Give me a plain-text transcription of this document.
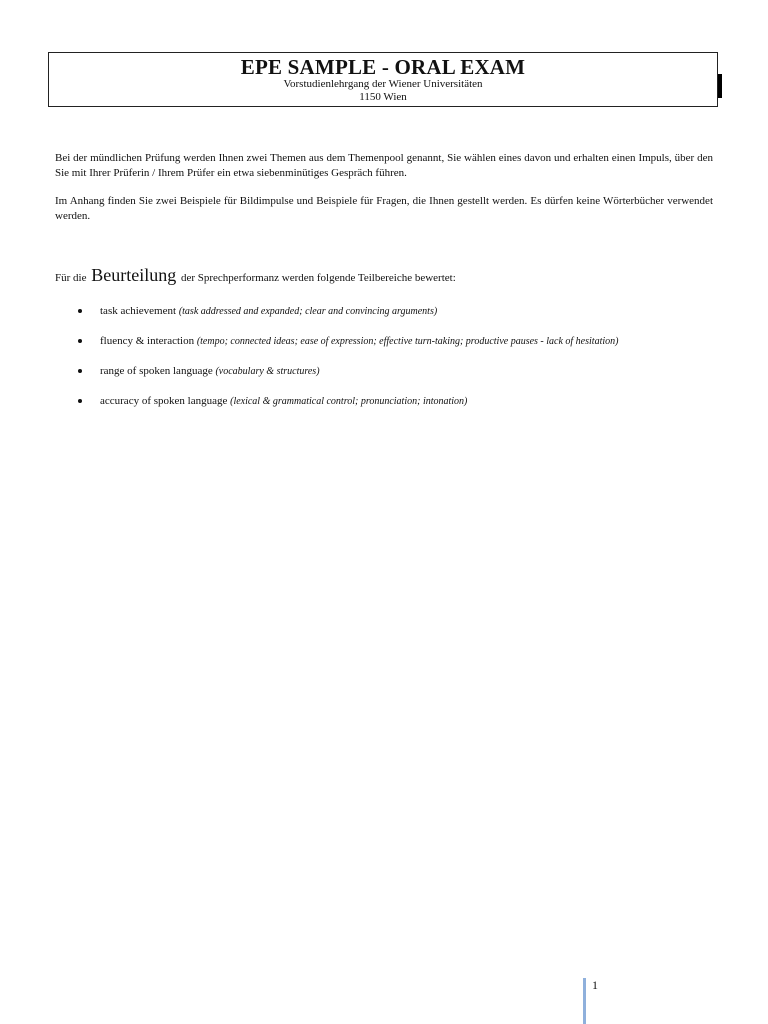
EPE SAMPLE - ORAL EXAM
Vorstudienlehrgang der Wiener Universitäten
1150 Wien

Bei der mündlichen Prüfung werden Ihnen zwei Themen aus dem Themenpool genannt, Sie wählen eines davon und erhalten einen Impuls, über den Sie mit Ihrer Prüferin / Ihrem Prüfer ein etwa siebenminütiges Gespräch führen.

Im Anhang finden Sie zwei Beispiele für Bildimpulse und Beispiele für Fragen, die Ihnen gestellt werden. Es dürfen keine Wörterbücher verwendet werden.

Für die Beurteilung der Sprechperformanz werden folgende Teilbereiche bewertet:
task achievement (task addressed and expanded; clear and convincing arguments)
fluency & interaction (tempo; connected ideas; ease of expression; effective turn-taking; productive pauses - lack of hesitation)
range of spoken language (vocabulary & structures)
accuracy of spoken language (lexical & grammatical control; pronunciation; intonation)
1
